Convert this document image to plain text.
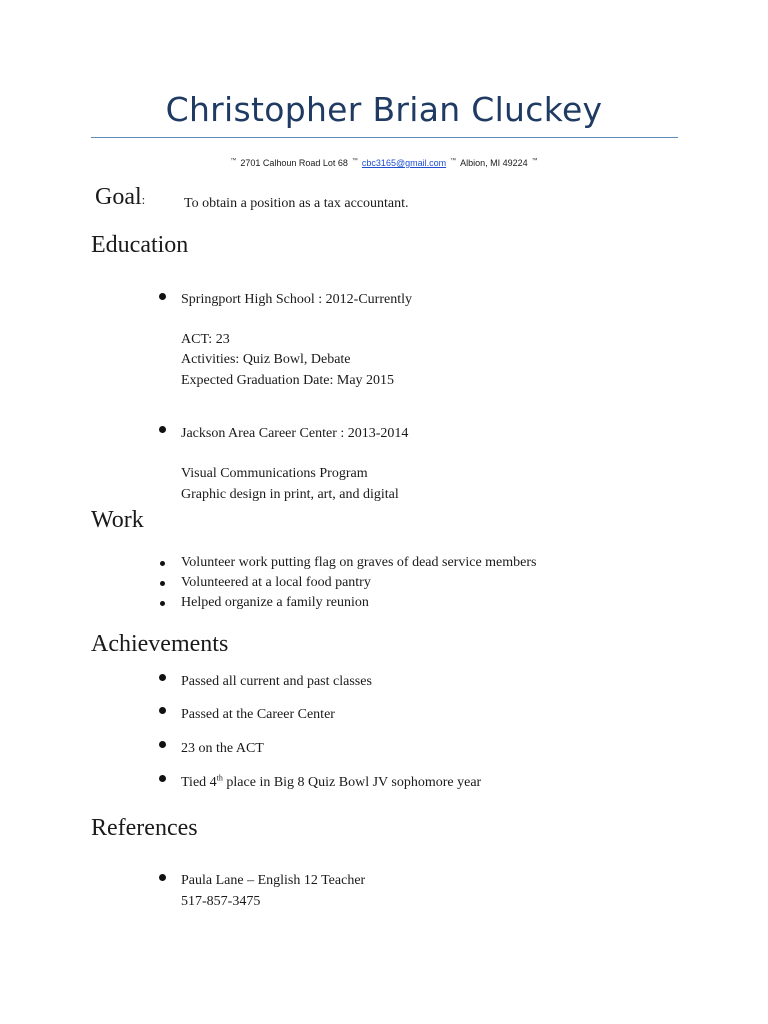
Christopher Brian Cluckey
™ 2701 Calhoun Road Lot 68 ™ cbc3165@gmail.com ™ Albion, MI 49224 ™
Goal:	To obtain a position as a tax accountant.
Education
Springport High School : 2012-Currently
ACT: 23
Activities: Quiz Bowl, Debate
Expected Graduation Date: May 2015
Jackson Area Career Center : 2013-2014
Visual Communications Program
Graphic design in print, art, and digital
Work
Volunteer work putting flag on graves of dead service members
Volunteered at a local food pantry
Helped organize a family reunion
Achievements
Passed all current and past classes
Passed at the Career Center
23 on the ACT
Tied 4th place in Big 8 Quiz Bowl JV sophomore year
References
Paula Lane – English 12 Teacher
517-857-3475
